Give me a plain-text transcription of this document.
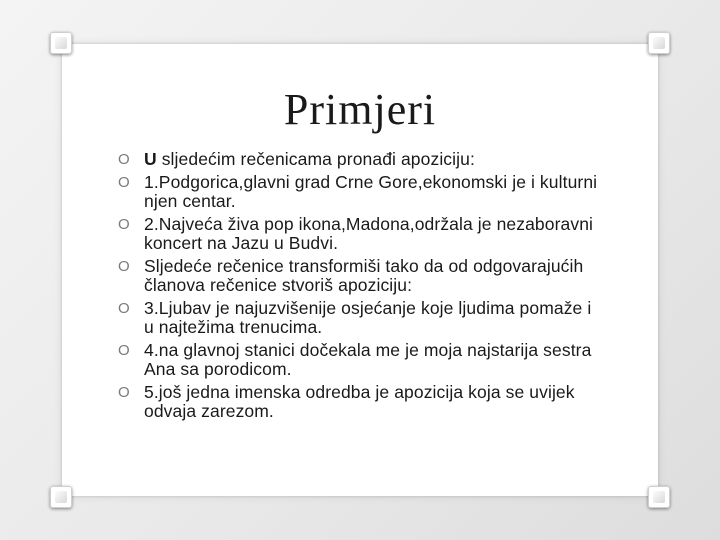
Primjeri
O U sljedećim rečenicama pronađi apoziciju:
O 1.Podgorica,glavni grad Crne Gore,ekonomski je i kulturni njen centar.
O 2.Najveća živa pop ikona,Madona,održala je nezaboravni koncert na Jazu u Budvi.
O Sljedeće rečenice transformiši tako da od odgovarajućih članova rečenice stvoriš apoziciju:
O 3.Ljubav je najuzvišenije osjećanje koje ljudima pomaže i u najtežima trenucima.
O 4.na glavnoj stanici dočekala me je moja najstarija sestra Ana sa porodicom.
O 5.još jedna imenska odredba je apozicija koja se uvijek odvaja zarezom.
